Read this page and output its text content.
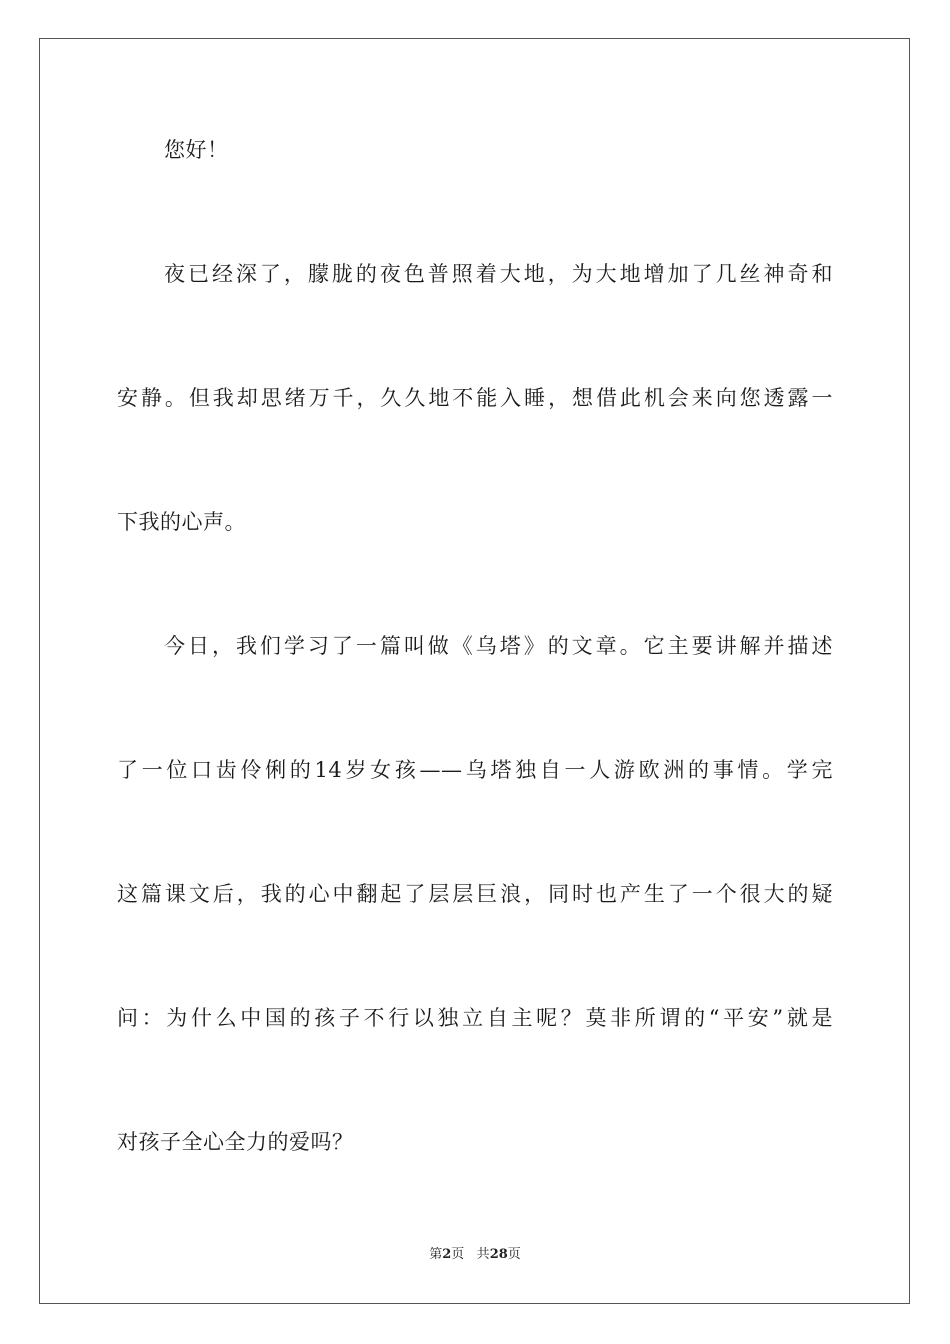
您好！
夜已经深了，朦胧的夜色普照着大地，为大地增加了几丝神奇和
安静。但我却思绪万千，久久地不能入睡，想借此机会来向您透露一
下我的心声。
今日，我们学习了一篇叫做《乌塔》的文章。它主要讲解并描述
了一位口齿伶俐的14岁女孩——乌塔独自一人游欧洲的事情。学完
这篇课文后，我的心中翻起了层层巨浪，同时也产生了一个很大的疑
问：为什么中国的孩子不行以独立自主呢？莫非所谓的“平安”就是
对孩子全心全力的爱吗？
第2页 共28页
